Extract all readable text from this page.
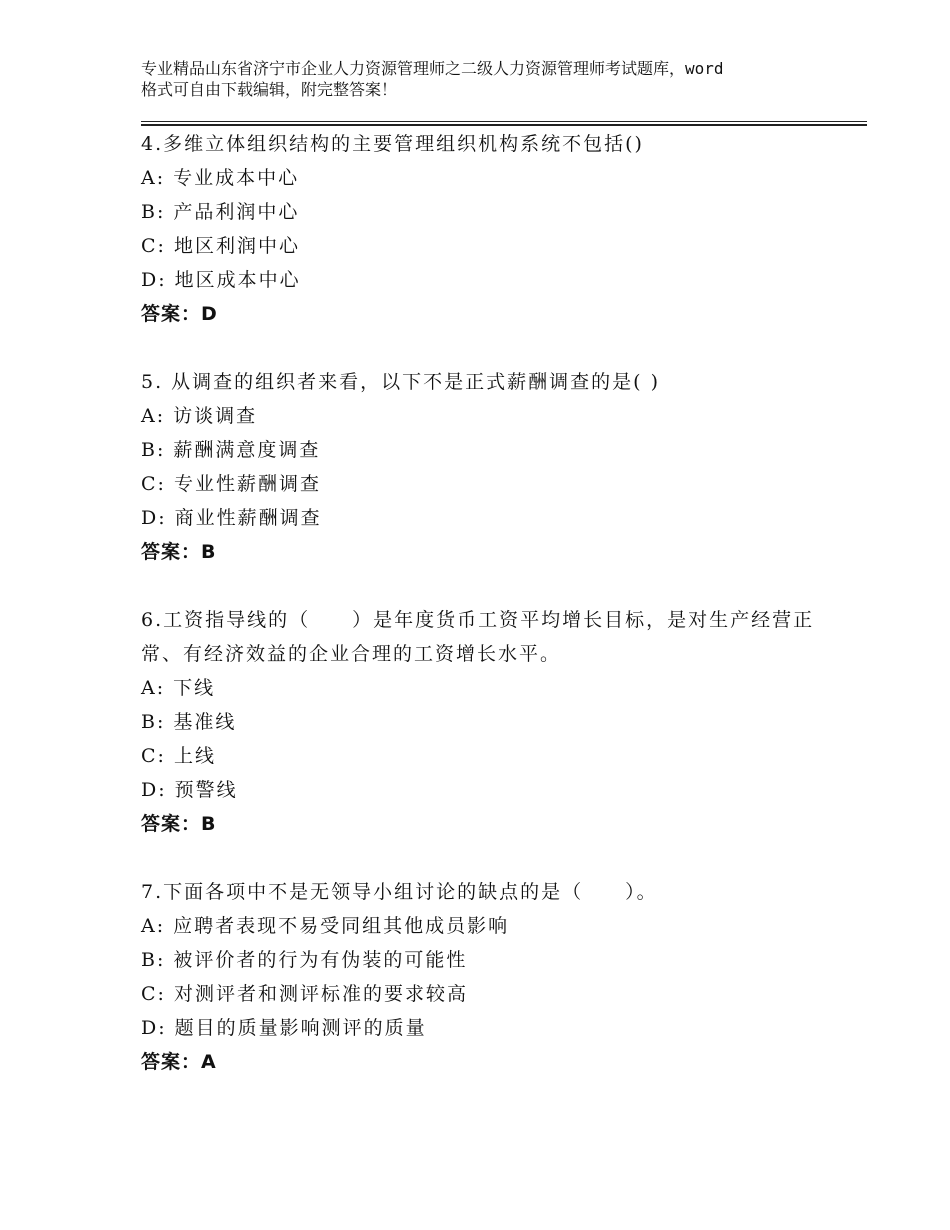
专业精品山东省济宁市企业人力资源管理师之二级人力资源管理师考试题库，word
格式可自由下载编辑，附完整答案！
4.多维立体组织结构的主要管理组织机构系统不包括()
A: 专业成本中心
B: 产品利润中心
C: 地区利润中心
D: 地区成本中心
答案：D
5. 从调查的组织者来看，以下不是正式薪酬调查的是( )
A: 访谈调查
B: 薪酬满意度调查
C: 专业性薪酬调查
D: 商业性薪酬调查
答案：B
6.工资指导线的（　　）是年度货币工资平均增长目标，是对生产经营正常、有经济效益的企业合理的工资增长水平。
A: 下线
B: 基准线
C: 上线
D: 预警线
答案：B
7.下面各项中不是无领导小组讨论的缺点的是（　　）。
A: 应聘者表现不易受同组其他成员影响
B: 被评价者的行为有伪装的可能性
C: 对测评者和测评标准的要求较高
D: 题目的质量影响测评的质量
答案：A
